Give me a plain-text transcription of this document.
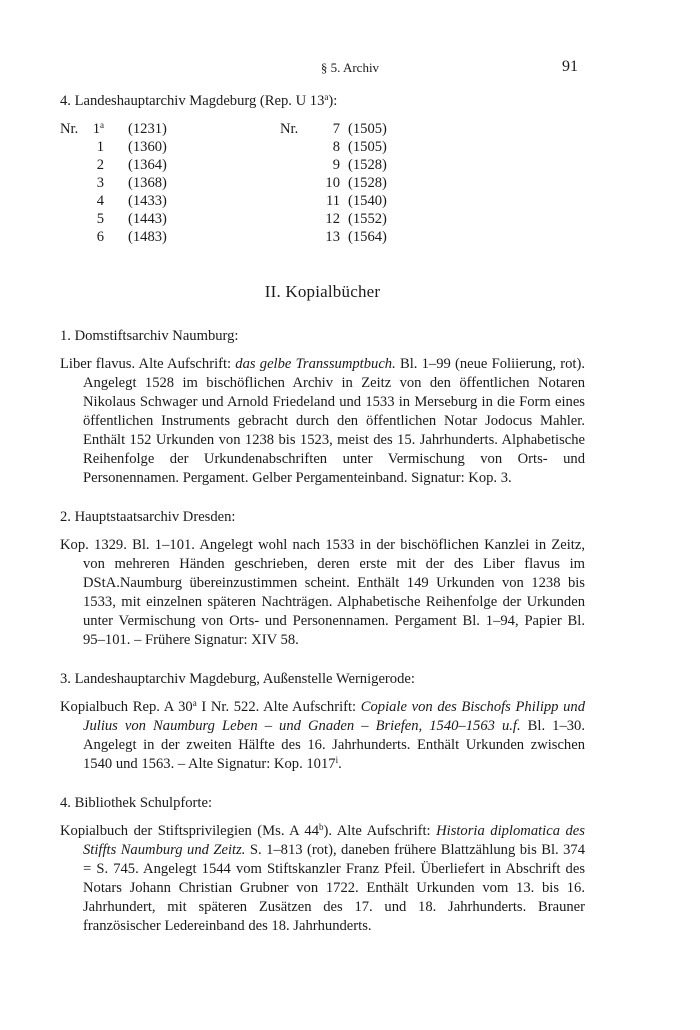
§ 5. Archiv	91

4. Landeshauptarchiv Magdeburg (Rep. U 13$^a$):

Nr. 1$^a$ (1231)
1 (1360)
2 (1364)
3 (1368)
4 (1433)
5 (1443)
6 (1483)
Nr.	7 (1505)
8 (1505)
9 (1528)
10 (1528)
11 (1540)
12 (1552)
13 (1564)
II. Kopialbücher

1. Domstiftsarchiv Naumburg:

Liber flavus. Alte Aufschrift: das gelbe Transsumptbuch. Bl. 1–99 (neue Foliierung, rot). Angelegt 1528 im bischöflichen Archiv in Zeitz von den öffentlichen Notaren Nikolaus Schwager und Arnold Friedeland und 1533 in Merseburg in die Form eines öffentlichen Instruments gebracht durch den öffentlichen Notar Jodocus Mahler. Enthält 152 Urkunden von 1238 bis 1523, meist des 15. Jahrhunderts. Alphabetische Reihenfolge der Urkundenabschriften unter Vermischung von Orts- und Personennamen. Pergament. Gelber Pergamenteinband. Signatur: Kop. 3.

2. Hauptstaatsarchiv Dresden:

Kop. 1329. Bl. 1–101. Angelegt wohl nach 1533 in der bischöflichen Kanzlei in Zeitz, von mehreren Händen geschrieben, deren erste mit der des Liber flavus im DStA.Naumburg übereinzustimmen scheint. Enthält 149 Urkunden von 1238 bis 1533, mit einzelnen späteren Nachträgen. Alphabetische Reihenfolge der Urkunden unter Vermischung von Orts- und Personennamen. Pergament Bl. 1–94, Papier Bl. 95–101. – Frühere Signatur: XIV 58.

3. Landeshauptarchiv Magdeburg, Außenstelle Wernigerode:

Kopialbuch Rep. A 30$^a$ I Nr. 522. Alte Aufschrift: Copiale von des Bischofs Philipp und Julius von Naumburg Leben – und Gnaden – Briefen, 1540–1563 u.f. Bl. 1–30. Angelegt in der zweiten Hälfte des 16. Jahrhunderts. Enthält Urkunden zwischen 1540 und 1563. – Alte Signatur: Kop. 1017$^i$.

4. Bibliothek Schulpforte:

Kopialbuch der Stiftsprivilegien (Ms. A 44$^b$). Alte Aufschrift: Historia diplomatica des Stiffts Naumburg und Zeitz. S. 1–813 (rot), daneben frühere Blattzählung bis Bl. 374 = S. 745. Angelegt 1544 vom Stiftskanzler Franz Pfeil. Überliefert in Abschrift des Notars Johann Christian Grubner von 1722. Enthält Urkunden vom 13. bis 16. Jahrhundert, mit späteren Zusätzen des 17. und 18. Jahrhunderts. Brauner französischer Ledereinband des 18. Jahrhunderts.
